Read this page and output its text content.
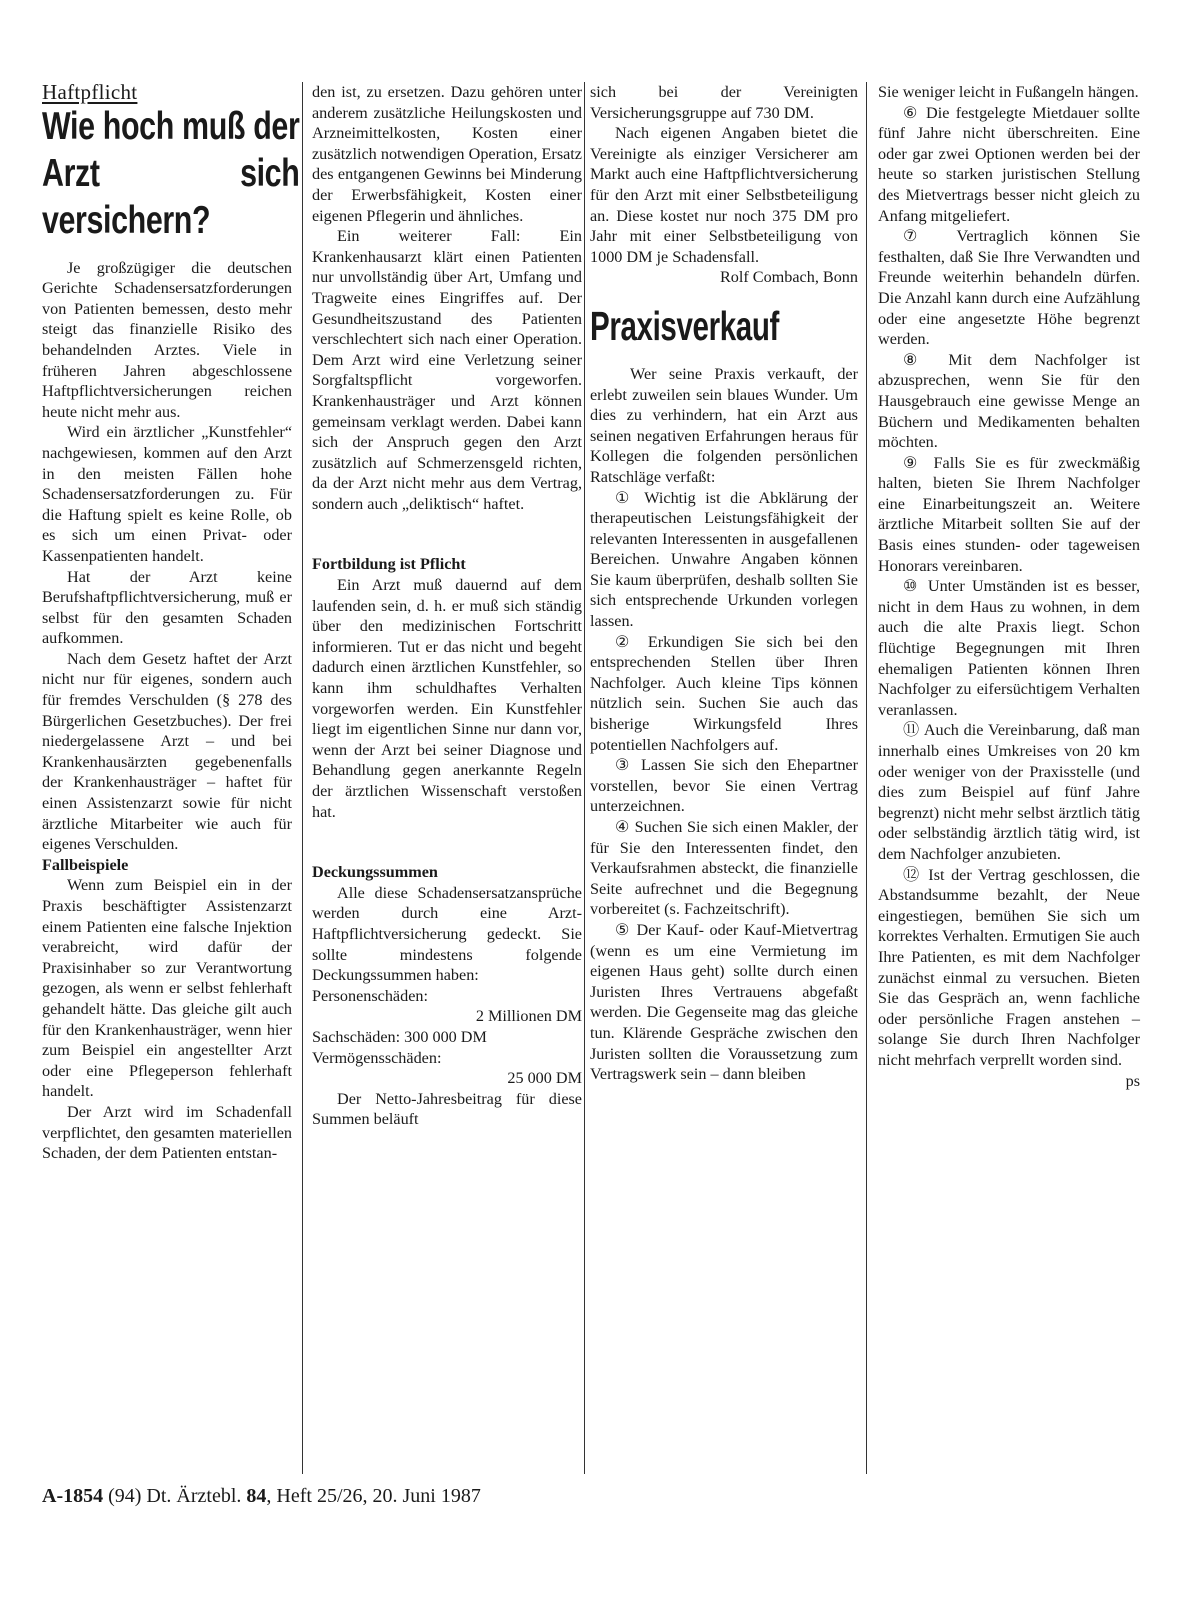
Haftpflicht

Wie hoch muß der Arzt sich versichern?

Je großzügiger die deutschen Gerichte Schadensersatzforderungen von Patienten bemessen, desto mehr steigt das finanzielle Risiko des behandelnden Arztes. Viele in früheren Jahren abgeschlossene Haftpflichtversicherungen reichen heute nicht mehr aus.

Wird ein ärztlicher „Kunstfehler“ nachgewiesen, kommen auf den Arzt in den meisten Fällen hohe Schadensersatzforderungen zu. Für die Haftung spielt es keine Rolle, ob es sich um einen Privat- oder Kassenpatienten handelt.

Hat der Arzt keine Berufshaftpflichtversicherung, muß er selbst für den gesamten Schaden aufkommen.

Nach dem Gesetz haftet der Arzt nicht nur für eigenes, sondern auch für fremdes Verschulden (§ 278 des Bürgerlichen Gesetzbuches). Der frei niedergelassene Arzt – und bei Krankenhausärzten gegebenenfalls der Krankenhausträger – haftet für einen Assistenzarzt sowie für nicht ärztliche Mitarbeiter wie auch für eigenes Verschulden.

Fallbeispiele

Wenn zum Beispiel ein in der Praxis beschäftigter Assistenzarzt einem Patienten eine falsche Injektion verabreicht, wird dafür der Praxisinhaber so zur Verantwortung gezogen, als wenn er selbst fehlerhaft gehandelt hätte. Das gleiche gilt auch für den Krankenhausträger, wenn hier zum Beispiel ein angestellter Arzt oder eine Pflegeperson fehlerhaft handelt.

Der Arzt wird im Schadenfall verpflichtet, den gesamten materiellen Schaden, der dem Patienten entstan-

den ist, zu ersetzen. Dazu gehören unter anderem zusätzliche Heilungskosten und Arzneimittelkosten, Kosten einer zusätzlich notwendigen Operation, Ersatz des entgangenen Gewinns bei Minderung der Erwerbsfähigkeit, Kosten einer eigenen Pflegerin und ähnliches.

Ein weiterer Fall: Ein Krankenhausarzt klärt einen Patienten nur unvollständig über Art, Umfang und Tragweite eines Eingriffes auf. Der Gesundheitszustand des Patienten verschlechtert sich nach einer Operation. Dem Arzt wird eine Verletzung seiner Sorgfaltspflicht vorgeworfen. Krankenhausträger und Arzt können gemeinsam verklagt werden. Dabei kann sich der Anspruch gegen den Arzt zusätzlich auf Schmerzensgeld richten, da der Arzt nicht mehr aus dem Vertrag, sondern auch „deliktisch“ haftet.

Fortbildung ist Pflicht

Ein Arzt muß dauernd auf dem laufenden sein, d. h. er muß sich ständig über den medizinischen Fortschritt informieren. Tut er das nicht und begeht dadurch einen ärztlichen Kunstfehler, so kann ihm schuldhaftes Verhalten vorgeworfen werden. Ein Kunstfehler liegt im eigentlichen Sinne nur dann vor, wenn der Arzt bei seiner Diagnose und Behandlung gegen anerkannte Regeln der ärztlichen Wissenschaft verstoßen hat.

Deckungssummen

Alle diese Schadensersatzansprüche werden durch eine Arzt-Haftpflichtversicherung gedeckt. Sie sollte mindestens folgende Deckungssummen haben:

Personenschäden:

2 Millionen DM

Sachschäden: 300 000 DM

Vermögensschäden:

25 000 DM

Der Netto-Jahresbeitrag für diese Summen beläuft

sich bei der Vereinigten Versicherungsgruppe auf 730 DM.

Nach eigenen Angaben bietet die Vereinigte als einziger Versicherer am Markt auch eine Haftpflichtversicherung für den Arzt mit einer Selbstbeteiligung an. Diese kostet nur noch 375 DM pro Jahr mit einer Selbstbeteiligung von 1000 DM je Schadensfall.

Rolf Combach, Bonn

Praxisverkauf

Wer seine Praxis verkauft, der erlebt zuweilen sein blaues Wunder. Um dies zu verhindern, hat ein Arzt aus seinen negativen Erfahrungen heraus für Kollegen die folgenden persönlichen Ratschläge verfaßt:

① Wichtig ist die Abklärung der therapeutischen Leistungsfähigkeit der relevanten Interessenten in ausgefallenen Bereichen. Unwahre Angaben können Sie kaum überprüfen, deshalb sollten Sie sich entsprechende Urkunden vorlegen lassen.

② Erkundigen Sie sich bei den entsprechenden Stellen über Ihren Nachfolger. Auch kleine Tips können nützlich sein. Suchen Sie auch das bisherige Wirkungsfeld Ihres potentiellen Nachfolgers auf.

③ Lassen Sie sich den Ehepartner vorstellen, bevor Sie einen Vertrag unterzeichnen.

④ Suchen Sie sich einen Makler, der für Sie den Interessenten findet, den Verkaufsrahmen absteckt, die finanzielle Seite aufrechnet und die Begegnung vorbereitet (s. Fachzeitschrift).

⑤ Der Kauf- oder Kauf-Mietvertrag (wenn es um eine Vermietung im eigenen Haus geht) sollte durch einen Juristen Ihres Vertrauens abgefaßt werden. Die Gegenseite mag das gleiche tun. Klärende Gespräche zwischen den Juristen sollten die Voraussetzung zum Vertragswerk sein – dann bleiben

Sie weniger leicht in Fußangeln hängen.

⑥ Die festgelegte Mietdauer sollte fünf Jahre nicht überschreiten. Eine oder gar zwei Optionen werden bei der heute so starken juristischen Stellung des Mietvertrags besser nicht gleich zu Anfang mitgeliefert.

⑦ Vertraglich können Sie festhalten, daß Sie Ihre Verwandten und Freunde weiterhin behandeln dürfen. Die Anzahl kann durch eine Aufzählung oder eine angesetzte Höhe begrenzt werden.

⑧ Mit dem Nachfolger ist abzusprechen, wenn Sie für den Hausgebrauch eine gewisse Menge an Büchern und Medikamenten behalten möchten.

⑨ Falls Sie es für zweckmäßig halten, bieten Sie Ihrem Nachfolger eine Einarbeitungszeit an. Weitere ärztliche Mitarbeit sollten Sie auf der Basis eines stunden- oder tageweisen Honorars vereinbaren.

⑩ Unter Umständen ist es besser, nicht in dem Haus zu wohnen, in dem auch die alte Praxis liegt. Schon flüchtige Begegnungen mit Ihren ehemaligen Patienten können Ihren Nachfolger zu eifersüchtigem Verhalten veranlassen.

⑪ Auch die Vereinbarung, daß man innerhalb eines Umkreises von 20 km oder weniger von der Praxisstelle (und dies zum Beispiel auf fünf Jahre begrenzt) nicht mehr selbst ärztlich tätig oder selbständig ärztlich tätig wird, ist dem Nachfolger anzubieten.

⑫ Ist der Vertrag geschlossen, die Abstandsumme bezahlt, der Neue eingestiegen, bemühen Sie sich um korrektes Verhalten. Ermutigen Sie auch Ihre Patienten, es mit dem Nachfolger zunächst einmal zu versuchen. Bieten Sie das Gespräch an, wenn fachliche oder persönliche Fragen anstehen – solange Sie durch Ihren Nachfolger nicht mehrfach verprellt worden sind.

ps

A-1854 (94) Dt. Ärztebl. 84, Heft 25/26, 20. Juni 1987
